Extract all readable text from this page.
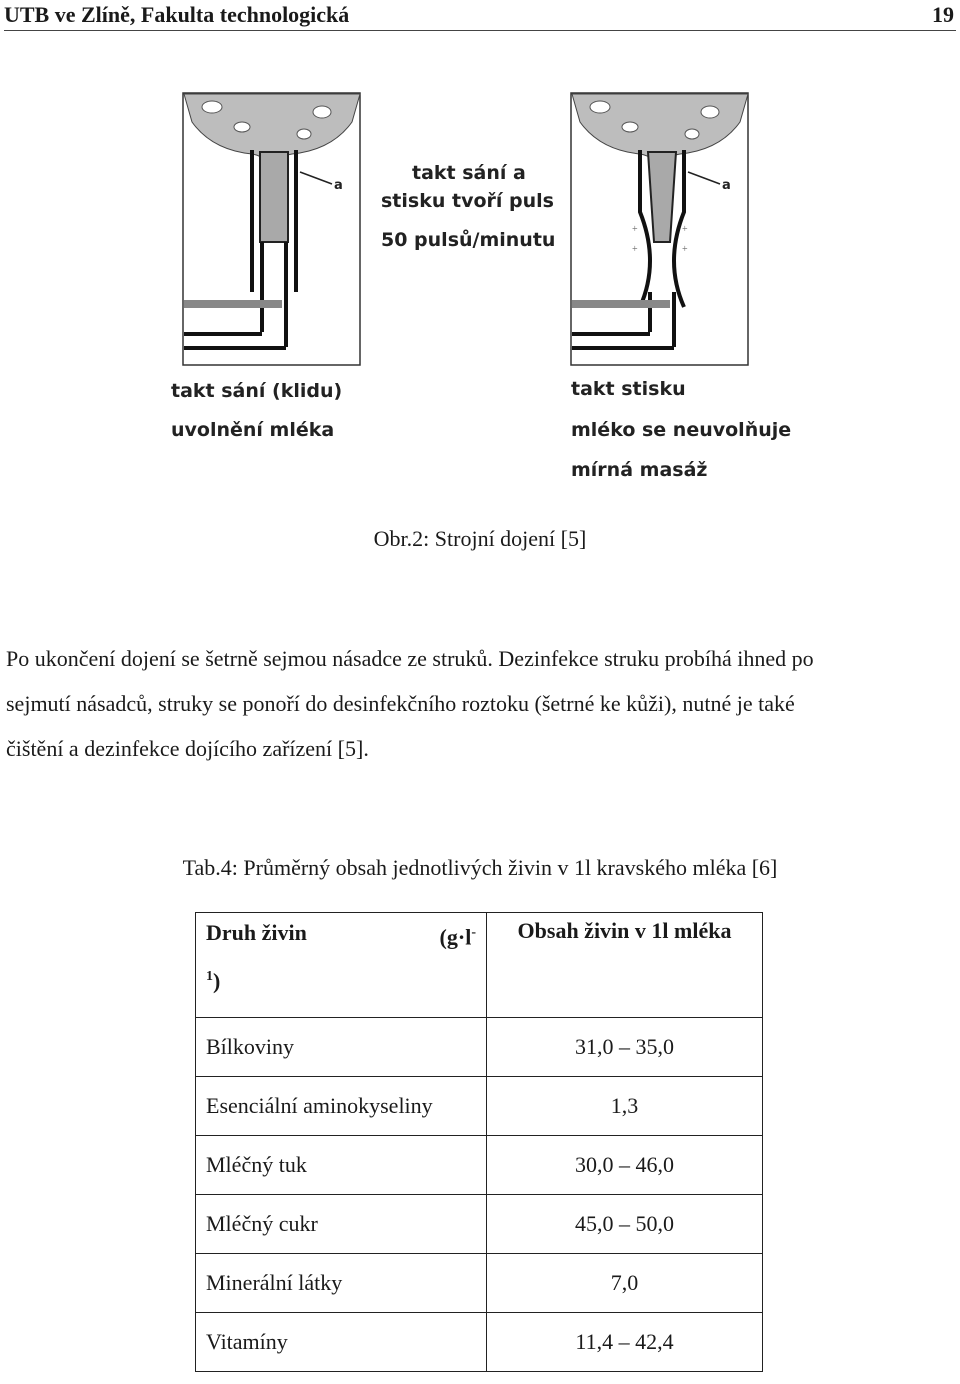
UTB ve Zlíně, Fakulta technologická	19
a
+	+
+	+
a
takt sání a
stisku tvoří puls
50 pulsů/minutu
takt sání (klidu)
uvolnění mléka
takt stisku
mléko se neuvolňuje
mírná masáž
Obr.2: Strojní dojení [5]
Po ukončení dojení se šetrně sejmou násadce ze struků. Dezinfekce struku probíhá ihned po
sejmutí násadců, struky se ponoří do desinfekčního roztoku (šetrné ke kůži), nutné je také
čištění a dezinfekce dojícího zařízení [5].
Tab.4: Průměrný obsah jednotlivých živin v 1l kravského mléka [6]
Druh živin (g·l-
$^1$)	Obsah živin v 1l mléka

Bílkoviny	31,0 – 35,0
Esenciální aminokyseliny	1,3
Mléčný tuk	30,0 – 46,0
Mléčný cukr	45,0 – 50,0
Minerální látky	7,0
Vitamíny	11,4 – 42,4
